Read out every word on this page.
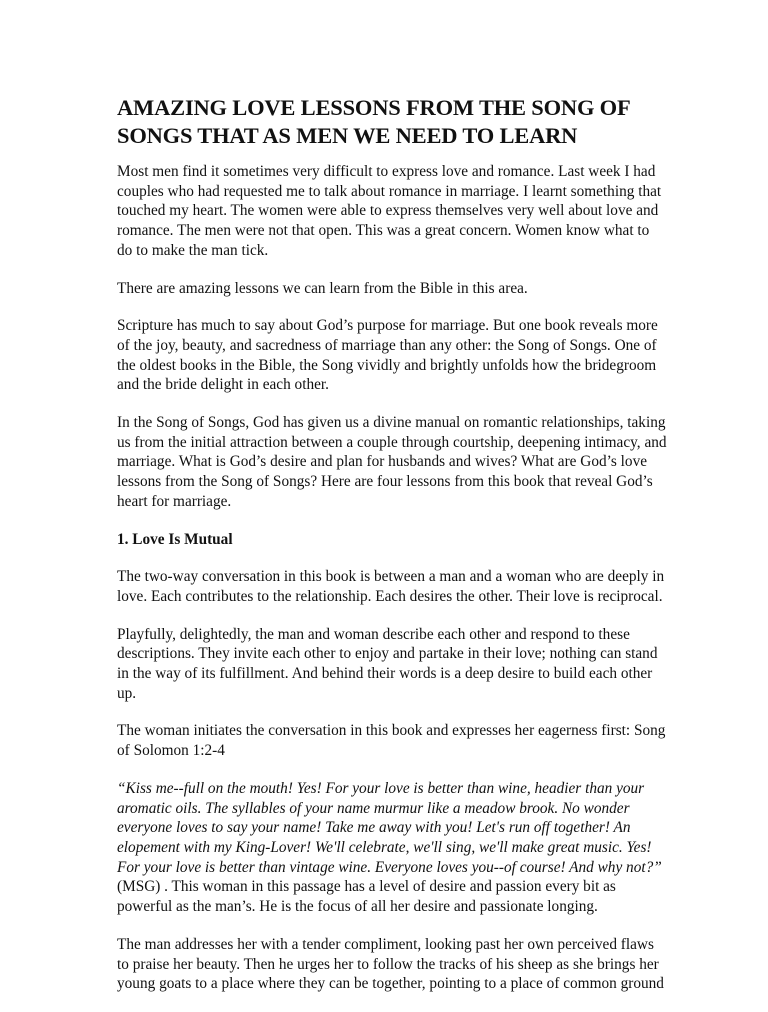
AMAZING LOVE LESSONS FROM THE SONG OF
SONGS THAT AS MEN WE NEED TO LEARN
Most men find it sometimes very difficult to express love and romance. Last week I had
couples who had requested me to talk about romance in marriage. I learnt something that
touched my heart. The women were able to express themselves very well about love and
romance. The men were not that open. This was a great concern. Women know what to
do to make the man tick.
There are amazing lessons we can learn from the Bible in this area.
Scripture has much to say about God’s purpose for marriage. But one book reveals more
of the joy, beauty, and sacredness of marriage than any other: the Song of Songs. One of
the oldest books in the Bible, the Song vividly and brightly unfolds how the bridegroom
and the bride delight in each other.
In the Song of Songs, God has given us a divine manual on romantic relationships, taking
us from the initial attraction between a couple through courtship, deepening intimacy, and
marriage. What is God’s desire and plan for husbands and wives? What are God’s love
lessons from the Song of Songs? Here are four lessons from this book that reveal God’s
heart for marriage.
1. Love Is Mutual
The two-way conversation in this book is between a man and a woman who are deeply in
love. Each contributes to the relationship. Each desires the other. Their love is reciprocal.
Playfully, delightedly, the man and woman describe each other and respond to these
descriptions. They invite each other to enjoy and partake in their love; nothing can stand
in the way of its fulfillment. And behind their words is a deep desire to build each other
up.
The woman initiates the conversation in this book and expresses her eagerness first: Song
of Solomon 1:2-4
“Kiss me--full on the mouth! Yes! For your love is better than wine, headier than your
aromatic oils. The syllables of your name murmur like a meadow brook. No wonder
everyone loves to say your name! Take me away with you! Let's run off together! An
elopement with my King-Lover! We'll celebrate, we'll sing, we'll make great music. Yes!
For your love is better than vintage wine. Everyone loves you--of course! And why not?”
(MSG) . This woman in this passage has a level of desire and passion every bit as
powerful as the man’s. He is the focus of all her desire and passionate longing.
The man addresses her with a tender compliment, looking past her own perceived flaws
to praise her beauty. Then he urges her to follow the tracks of his sheep as she brings her
young goats to a place where they can be together, pointing to a place of common ground
